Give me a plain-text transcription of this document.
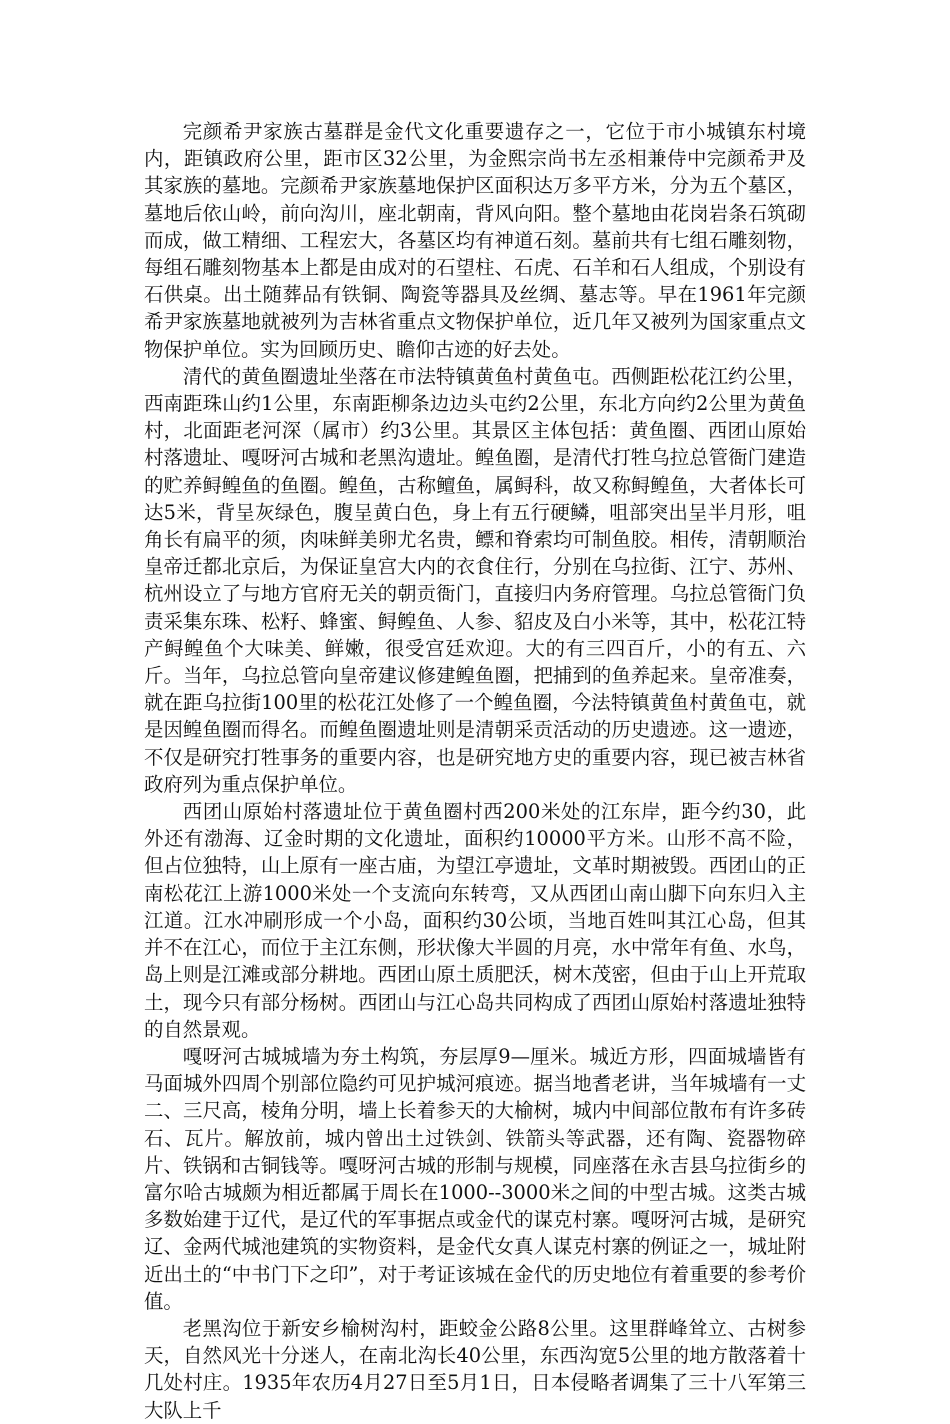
完颜希尹家族古墓群是金代文化重要遗存之一，它位于市小城镇东村境内，距镇政府公里，距市区32公里，为金熙宗尚书左丞相兼侍中完颜希尹及其家族的墓地。完颜希尹家族墓地保护区面积达万多平方米，分为五个墓区，墓地后依山岭，前向沟川，座北朝南，背风向阳。整个墓地由花岗岩条石筑砌而成，做工精细、工程宏大，各墓区均有神道石刻。墓前共有七组石雕刻物，每组石雕刻物基本上都是由成对的石望柱、石虎、石羊和石人组成，个别设有石供桌。出土随葬品有铁铜、陶瓷等器具及丝绸、墓志等。早在1961年完颜希尹家族墓地就被列为吉林省重点文物保护单位，近几年又被列为国家重点文物保护单位。实为回顾历史、瞻仰古迹的好去处。

清代的黄鱼圈遗址坐落在市法特镇黄鱼村黄鱼屯。西侧距松花江约公里，西南距珠山约1公里，东南距柳条边边头屯约2公里，东北方向约2公里为黄鱼村，北面距老河深（属市）约3公里。其景区主体包括：黄鱼圈、西团山原始村落遗址、嘎呀河古城和老黑沟遗址。鳇鱼圈，是清代打牲乌拉总管衙门建造的贮养鲟鳇鱼的鱼圈。鳇鱼，古称鳣鱼，属鲟科，故又称鲟鳇鱼，大者体长可达5米，背呈灰绿色，腹呈黄白色，身上有五行硬鳞，咀部突出呈半月形，咀角长有扁平的须，肉味鲜美卵尤名贵，鳔和脊索均可制鱼胶。相传，清朝顺治皇帝迁都北京后，为保证皇宫大内的衣食住行，分别在乌拉街、江宁、苏州、杭州设立了与地方官府无关的朝贡衙门，直接归内务府管理。乌拉总管衙门负责采集东珠、松籽、蜂蜜、鲟鳇鱼、人参、貂皮及白小米等，其中，松花江特产鲟鳇鱼个大味美、鲜嫩，很受宫廷欢迎。大的有三四百斤，小的有五、六斤。当年，乌拉总管向皇帝建议修建鳇鱼圈，把捕到的鱼养起来。皇帝准奏，就在距乌拉街100里的松花江处修了一个鳇鱼圈，今法特镇黄鱼村黄鱼屯，就是因鳇鱼圈而得名。而鳇鱼圈遗址则是清朝采贡活动的历史遗迹。这一遗迹，不仅是研究打牲事务的重要内容，也是研究地方史的重要内容，现已被吉林省政府列为重点保护单位。

西团山原始村落遗址位于黄鱼圈村西200米处的江东岸，距今约30，此外还有渤海、辽金时期的文化遗址，面积约10000平方米。山形不高不险，但占位独特，山上原有一座古庙，为望江亭遗址，文革时期被毁。西团山的正南松花江上游1000米处一个支流向东转弯，又从西团山南山脚下向东归入主江道。江水冲刷形成一个小岛，面积约30公顷，当地百姓叫其江心岛，但其并不在江心，而位于主江东侧，形状像大半圆的月亮，水中常年有鱼、水鸟，岛上则是江滩或部分耕地。西团山原土质肥沃，树木茂密，但由于山上开荒取土，现今只有部分杨树。西团山与江心岛共同构成了西团山原始村落遗址独特的自然景观。

嘎呀河古城城墙为夯土构筑，夯层厚9—厘米。城近方形，四面城墙皆有马面城外四周个别部位隐约可见护城河痕迹。据当地耆老讲，当年城墙有一丈二、三尺高，棱角分明，墙上长着参天的大榆树，城内中间部位散布有许多砖石、瓦片。解放前，城内曾出土过铁剑、铁箭头等武器，还有陶、瓷器物碎片、铁锅和古铜钱等。嘎呀河古城的形制与规模，同座落在永吉县乌拉街乡的富尔哈古城颇为相近都属于周长在1000--3000米之间的中型古城。这类古城多数始建于辽代，是辽代的军事据点或金代的谋克村寨。嘎呀河古城，是研究辽、金两代城池建筑的实物资料，是金代女真人谋克村寨的例证之一，城址附近出土的“中书门下之印”，对于考证该城在金代的历史地位有着重要的参考价值。

老黑沟位于新安乡榆树沟村，距蛟金公路8公里。这里群峰耸立、古树参天，自然风光十分迷人，在南北沟长40公里，东西沟宽5公里的地方散落着十几处村庄。1935年农历4月27日至5月1日，日本侵略者调集了三十八军第三大队上千
